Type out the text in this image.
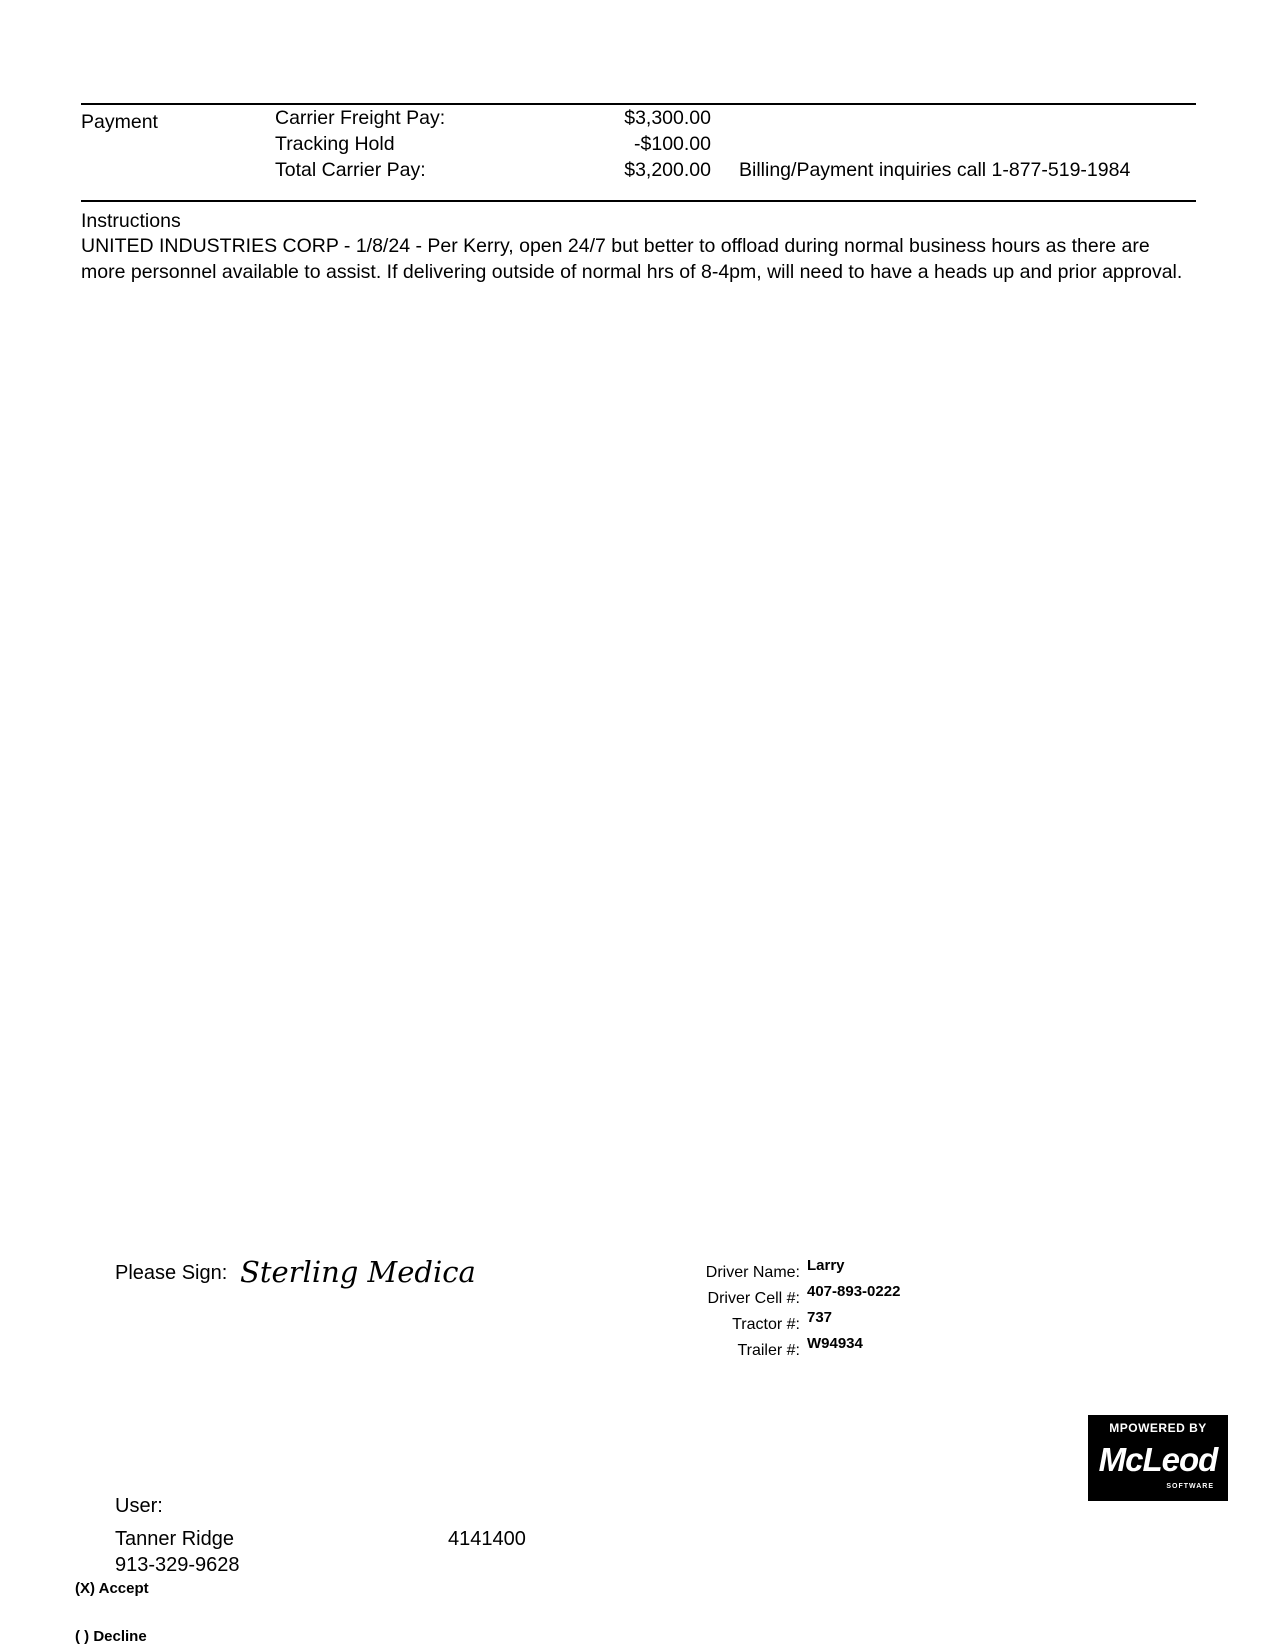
Payment	Carrier Freight Pay:	$3,300.00
Tracking Hold	-$100.00
Total Carrier Pay:	$3,200.00 Billing/Payment inquiries call 1-877-519-1984
Instructions
UNITED INDUSTRIES CORP - 1/8/24 - Per Kerry, open 24/7 but better to offload during normal business hours as there are more personnel available to assist. If delivering outside of normal hrs of 8-4pm, will need to have a heads up and prior approval.
Please Sign: Sterling Medica	Driver Name: Larry
Driver Cell #: 407-893-0222
Tractor #: 737
Trailer #: W94934
MPOWERED BY
McLeod
SOFTWARE
User:
Tanner Ridge	4141400
913-329-9628
(X) Accept
( ) Decline
